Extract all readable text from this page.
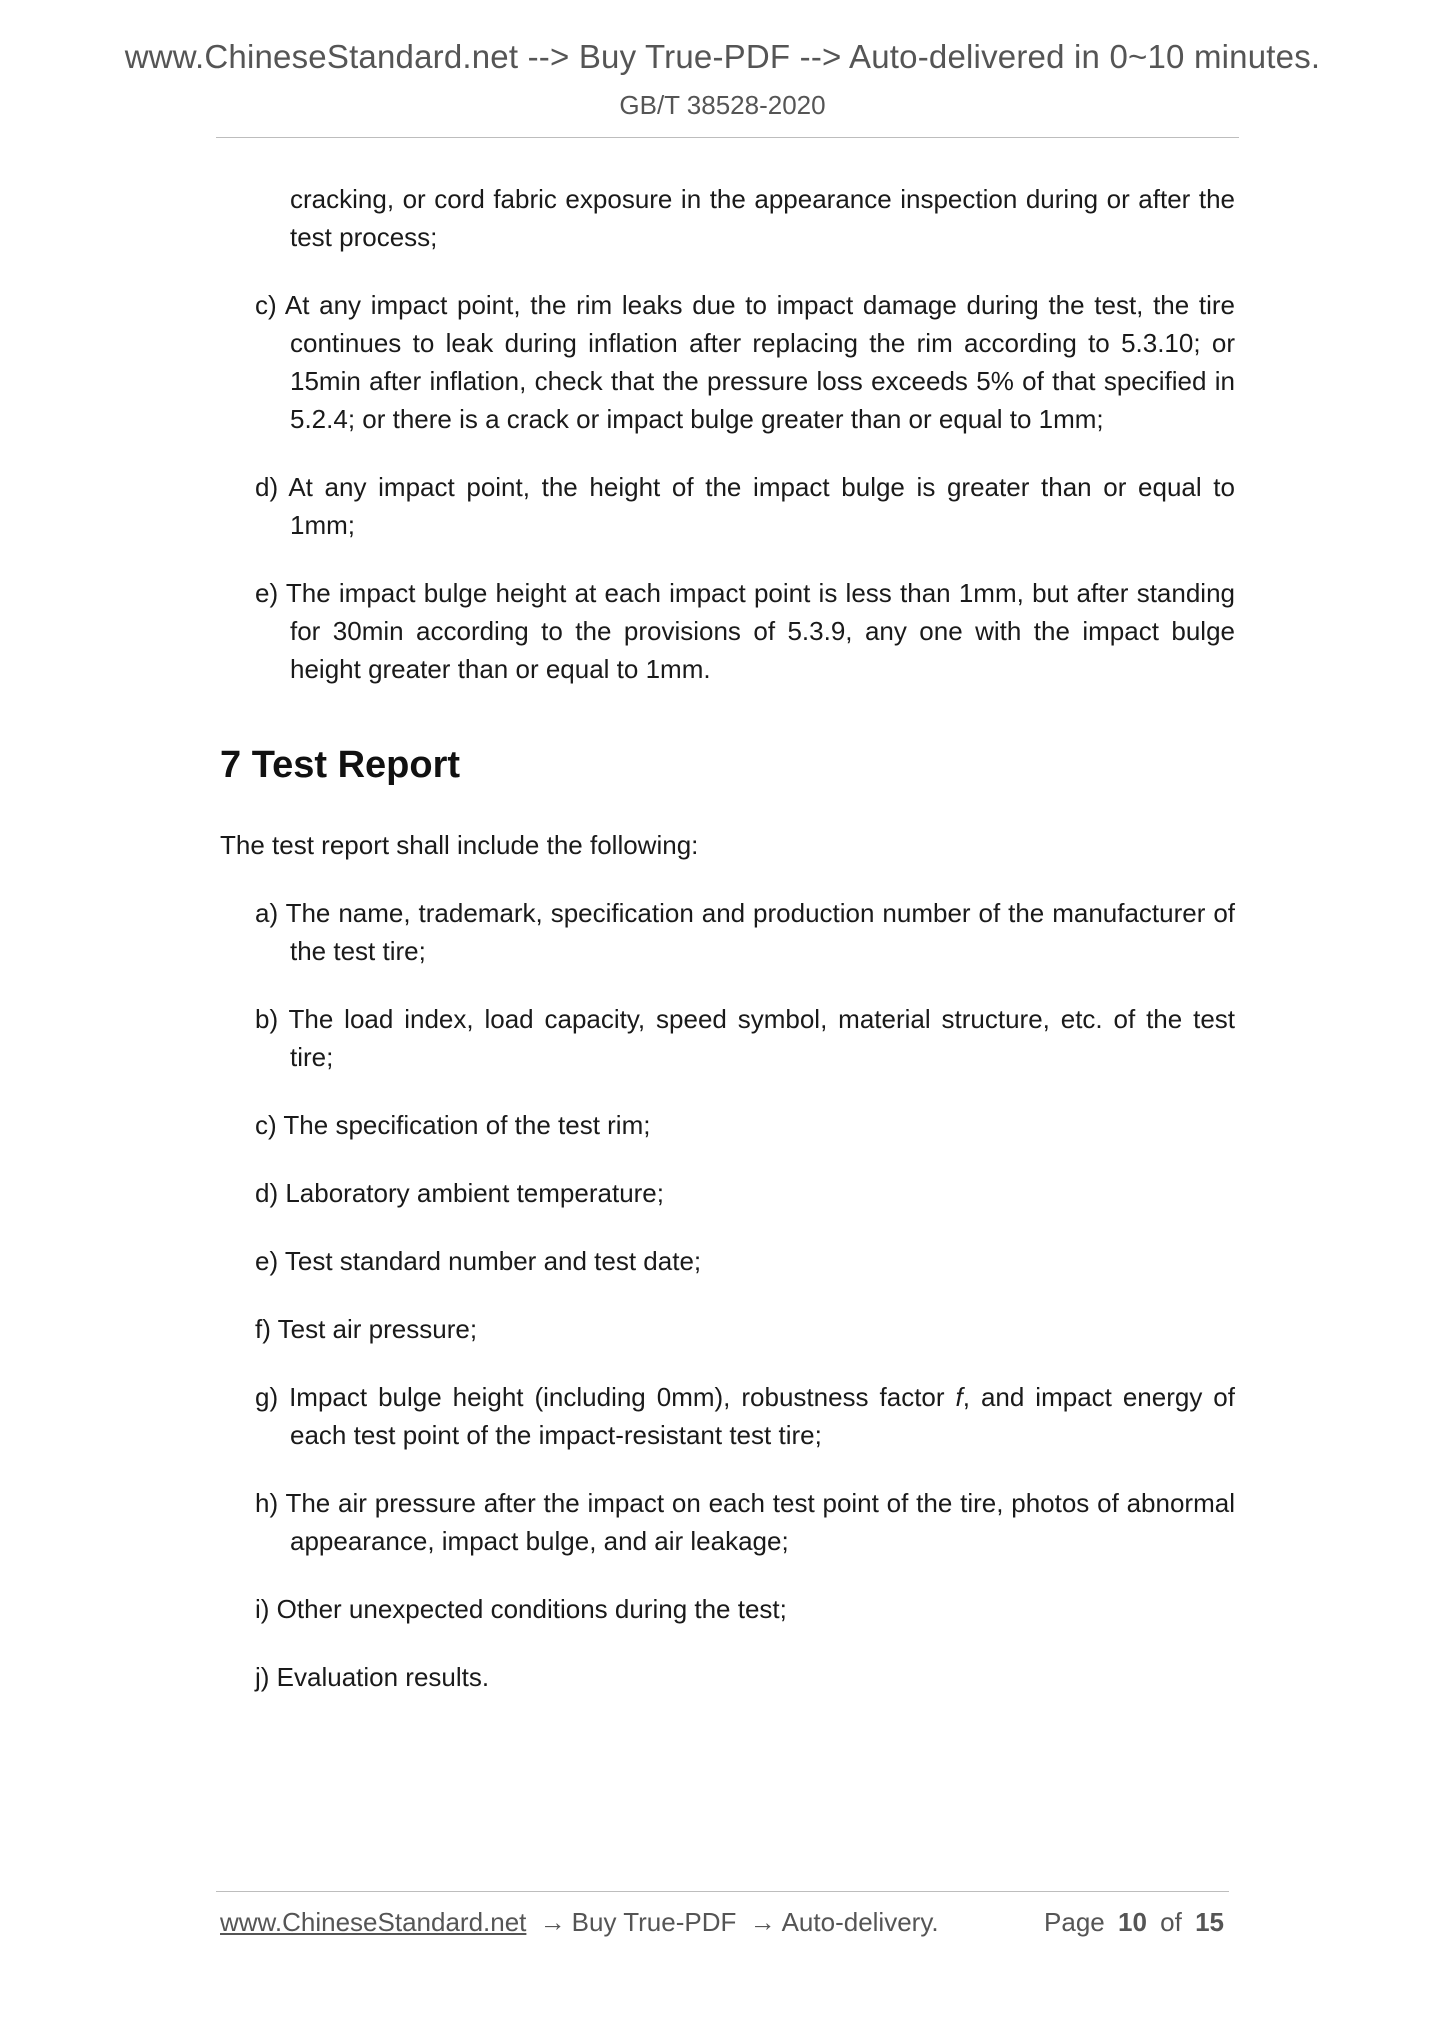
www.ChineseStandard.net --> Buy True-PDF --> Auto-delivered in 0~10 minutes.
GB/T 38528-2020

cracking, or cord fabric exposure in the appearance inspection during or after the test process;

c) At any impact point, the rim leaks due to impact damage during the test, the tire continues to leak during inflation after replacing the rim according to 5.3.10; or 15min after inflation, check that the pressure loss exceeds 5% of that specified in 5.2.4; or there is a crack or impact bulge greater than or equal to 1mm;

d) At any impact point, the height of the impact bulge is greater than or equal to 1mm;

e) The impact bulge height at each impact point is less than 1mm, but after standing for 30min according to the provisions of 5.3.9, any one with the impact bulge height greater than or equal to 1mm.

7 Test Report

The test report shall include the following:

a) The name, trademark, specification and production number of the manufacturer of the test tire;

b) The load index, load capacity, speed symbol, material structure, etc. of the test tire;

c) The specification of the test rim;

d) Laboratory ambient temperature;

e) Test standard number and test date;

f) Test air pressure;

g) Impact bulge height (including 0mm), robustness factor f, and impact energy of each test point of the impact-resistant test tire;

h) The air pressure after the impact on each test point of the tire, photos of abnormal appearance, impact bulge, and air leakage;

i) Other unexpected conditions during the test;

j) Evaluation results.

www.ChineseStandard.net → Buy True-PDF → Auto-delivery.	Page 10 of 15
